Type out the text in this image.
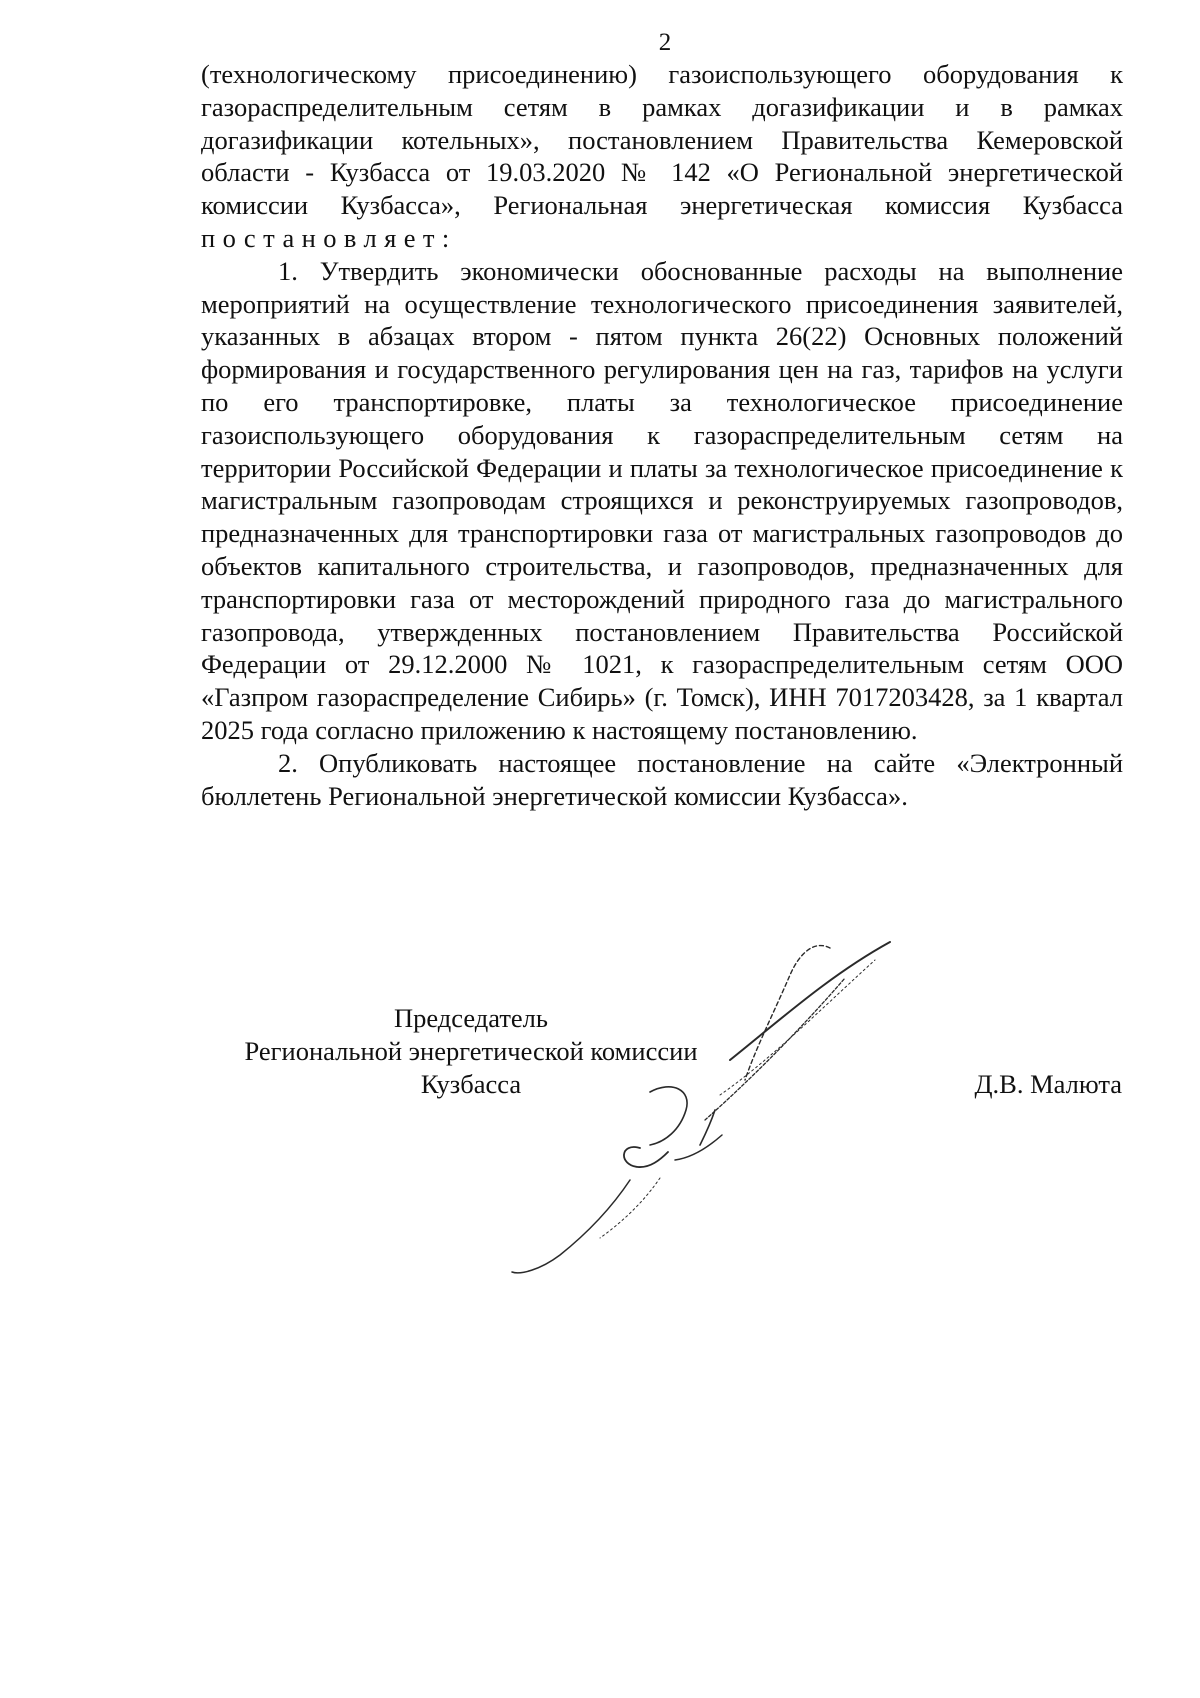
2

(технологическому присоединению) газоиспользующего оборудования к газораспределительным сетям в рамках догазификации и в рамках догазификации котельных», постановлением Правительства Кемеровской области - Кузбасса от 19.03.2020 № 142 «О Региональной энергетической комиссии Кузбасса», Региональная энергетическая комиссия Кузбасса постановляет:

1. Утвердить экономически обоснованные расходы на выполнение мероприятий на осуществление технологического присоединения заявителей, указанных в абзацах втором - пятом пункта 26(22) Основных положений формирования и государственного регулирования цен на газ, тарифов на услуги по его транспортировке, платы за технологическое присоединение газоиспользующего оборудования к газораспределительным сетям на территории Российской Федерации и платы за технологическое присоединение к магистральным газопроводам строящихся и реконструируемых газопроводов, предназначенных для транспортировки газа от магистральных газопроводов до объектов капитального строительства, и газопроводов, предназначенных для транспортировки газа от месторождений природного газа до магистрального газопровода, утвержденных постановлением Правительства Российской Федерации от 29.12.2000 № 1021, к газораспределительным сетям ООО «Газпром газораспределение Сибирь» (г. Томск), ИНН 7017203428, за 1 квартал 2025 года согласно приложению к настоящему постановлению.

2. Опубликовать настоящее постановление на сайте «Электронный бюллетень Региональной энергетической комиссии Кузбасса».

Председатель
Региональной энергетической комиссии
Кузбасса	Д.В. Малюта
